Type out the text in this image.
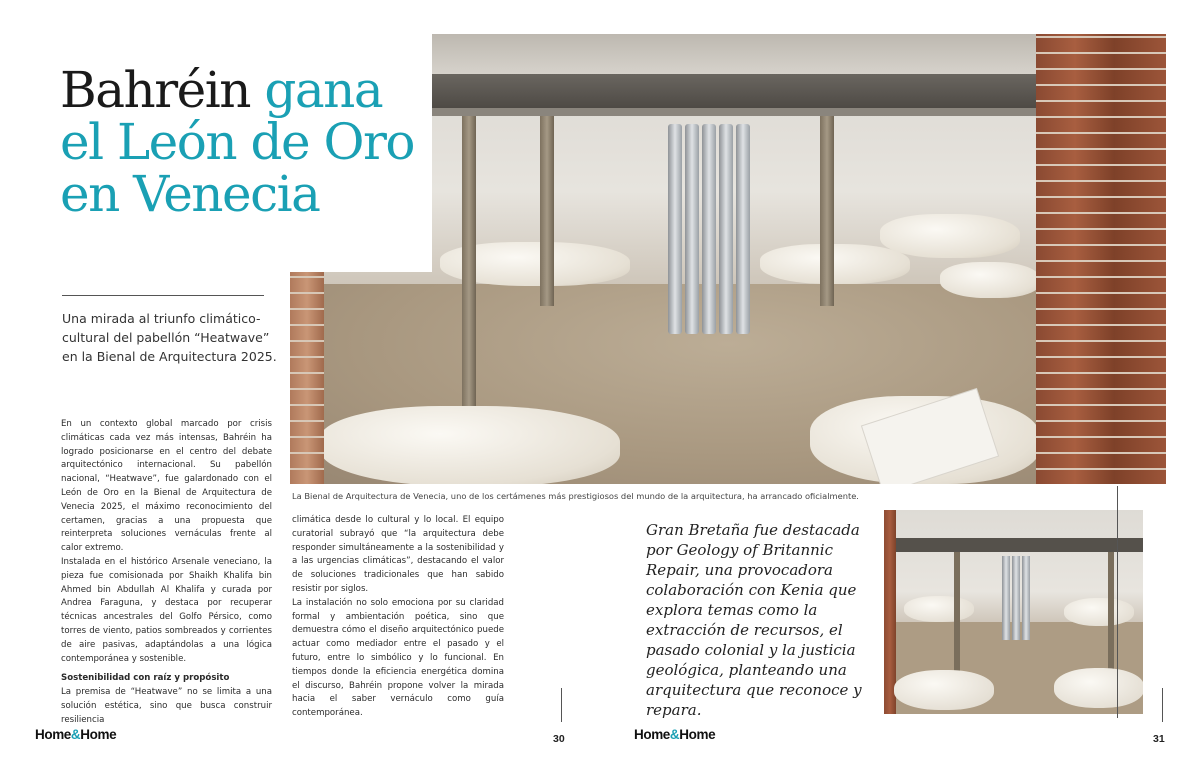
Bahréin gana
el León de Oro
en Venecia

Una mirada al triunfo climático-cultural del pabellón “Heatwave” en la Bienal de Arquitectura 2025.

La Bienal de Arquitectura de Venecia, uno de los certámenes más prestigiosos del mundo de la arquitectura, ha arrancado oficialmente.

En un contexto global marcado por crisis climáticas cada vez más intensas, Bahréin ha logrado posicionarse en el centro del debate arquitectónico internacional. Su pabellón nacional, “Heatwave”, fue galardonado con el León de Oro en la Bienal de Arquitectura de Venecia 2025, el máximo reconocimiento del certamen, gracias a una propuesta que reinterpreta soluciones vernáculas frente al calor extremo.

Instalada en el histórico Arsenale veneciano, la pieza fue comisionada por Shaikh Khalifa bin Ahmed bin Abdullah Al Khalifa y curada por Andrea Faraguna, y destaca por recuperar técnicas ancestrales del Golfo Pérsico, como torres de viento, patios sombreados y corrientes de aire pasivas, adaptándolas a una lógica contemporánea y sostenible.

Sostenibilidad con raíz y propósito

La premisa de “Heatwave” no se limita a una solución estética, sino que busca construir resiliencia

climática desde lo cultural y lo local. El equipo curatorial subrayó que “la arquitectura debe responder simultáneamente a la sostenibilidad y a las urgencias climáticas”, destacando el valor de soluciones tradicionales que han sabido resistir por siglos.

La instalación no solo emociona por su claridad formal y ambientación poética, sino que demuestra cómo el diseño arquitectónico puede actuar como mediador entre el pasado y el futuro, entre lo simbólico y lo funcional. En tiempos donde la eficiencia energética domina el discurso, Bahréin propone volver la mirada hacia el saber vernáculo como guía contemporánea.

Gran Bretaña fue destacada por Geology of Britannic Repair, una provocadora colaboración con Kenia que explora temas como la extracción de recursos, el pasado colonial y la justicia geológica, planteando una arquitectura que reconoce y repara.

Home&Home	30	Home&Home	31
